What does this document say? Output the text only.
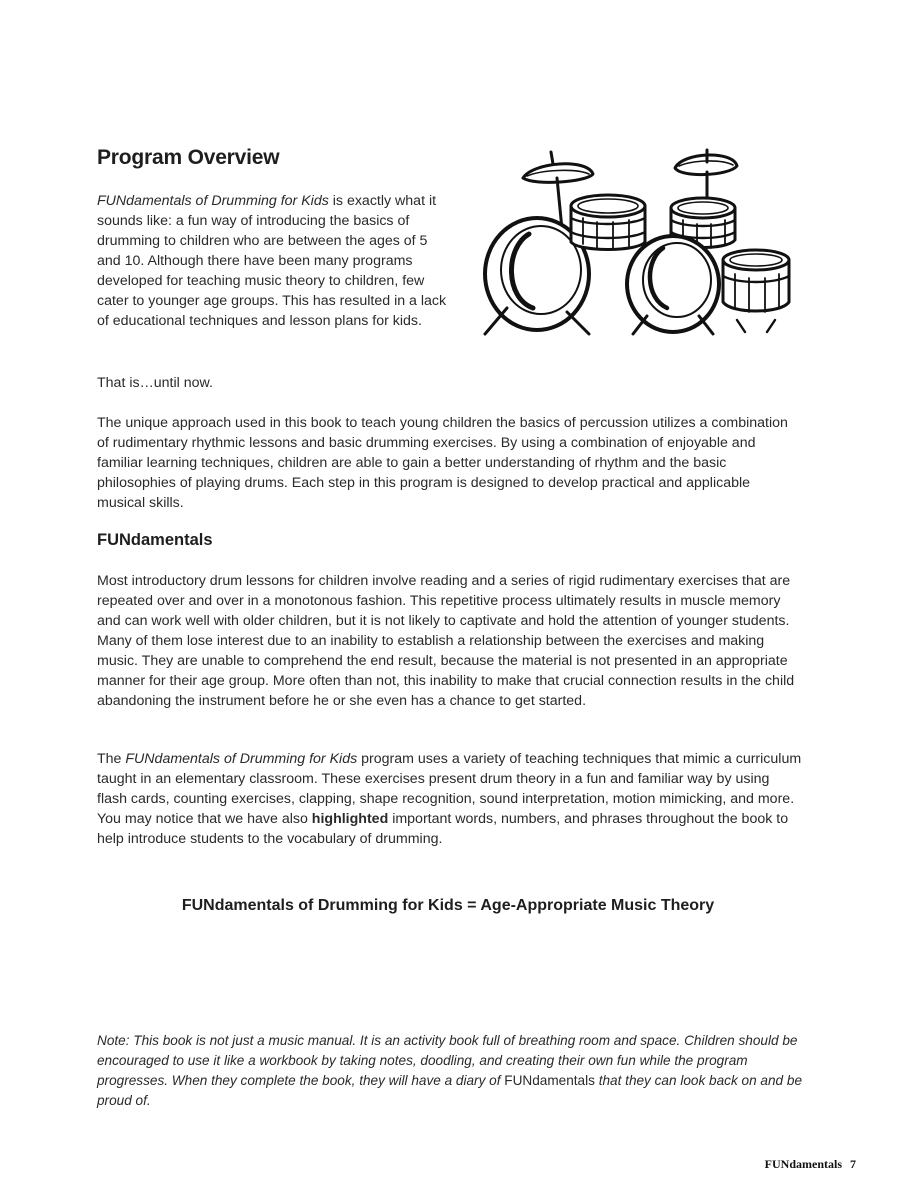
Program Overview

FUNdamentals of Drumming for Kids is exactly what it sounds like: a fun way of introducing the basics of drumming to children who are between the ages of 5 and 10. Although there have been many programs developed for teaching music theory to children, few cater to younger age groups. This has resulted in a lack of educational techniques and lesson plans for kids.

That is…until now.

The unique approach used in this book to teach young children the basics of percussion utilizes a combination of rudimentary rhythmic lessons and basic drumming exercises. By using a combination of enjoyable and familiar learning techniques, children are able to gain a better understanding of rhythm and the basic philosophies of playing drums. Each step in this program is designed to develop practical and applicable musical skills.

FUNdamentals

Most introductory drum lessons for children involve reading and a series of rigid rudimentary exercises that are repeated over and over in a monotonous fashion. This repetitive process ultimately results in muscle memory and can work well with older children, but it is not likely to captivate and hold the attention of younger students. Many of them lose interest due to an inability to establish a relationship between the exercises and making music. They are unable to comprehend the end result, because the material is not presented in an appropriate manner for their age group. More often than not, this inability to make that crucial connection results in the child abandoning the instrument before he or she even has a chance to get started.

The FUNdamentals of Drumming for Kids program uses a variety of teaching techniques that mimic a curriculum taught in an elementary classroom. These exercises present drum theory in a fun and familiar way by using flash cards, counting exercises, clapping, shape recognition, sound interpretation, motion mimicking, and more. You may notice that we have also highlighted important words, numbers, and phrases throughout the book to help introduce students to the vocabulary of drumming.

FUNdamentals of Drumming for Kids = Age-Appropriate Music Theory

Note: This book is not just a music manual. It is an activity book full of breathing room and space. Children should be encouraged to use it like a workbook by taking notes, doodling, and creating their own fun while the program progresses. When they complete the book, they will have a diary of FUNdamentals that they can look back on and be proud of.

FUNdamentals 7
